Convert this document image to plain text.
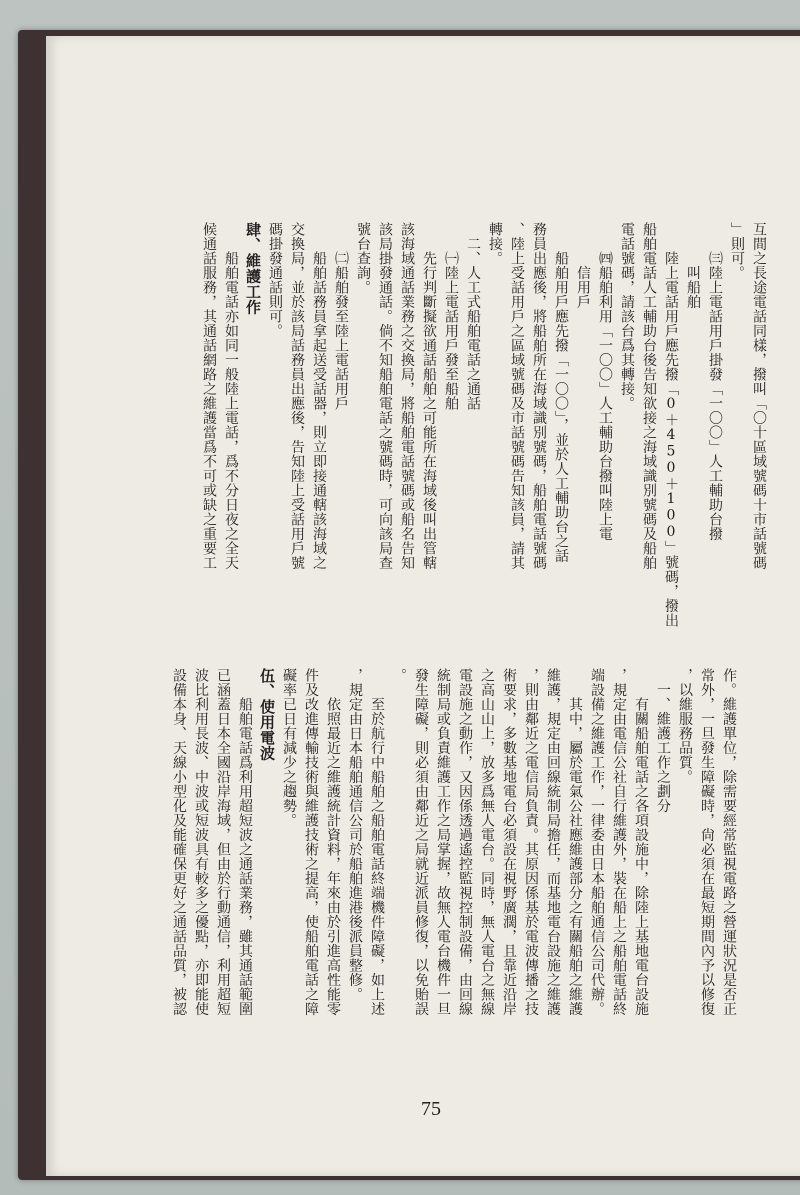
互間之長途電話同樣，撥叫「〇十區域號碼十市話號碼
」則可。
　　㈢陸上電話用戶掛發「一〇〇」人工輔助台撥
　　　叫船舶
　　陸上電話用戶應先撥「0＋450＋100」號碼，撥出
船舶電話人工輔助台後告知欲接之海域識別號碼及船舶
電話號碼，請該台爲其轉接。
　　㈣船舶利用「一〇〇」人工輔助台撥叫陸上電
　　　信用戶
　　船舶用戶應先撥「一〇〇」，並於人工輔助台之話
務員出應後，將船舶所在海域識別號碼，船舶電話號碼
、陸上受話用戶之區域號碼及市話號碼告知該員，請其
轉接。
　二、人工式船舶電話之通話
　　㈠陸上電話用戶發至船舶
　　先行判斷擬欲通話船舶之可能所在海域後叫出管轄
該海域通話業務之交換局，將船舶電話號碼或船名告知
該局掛發通話。倘不知船舶電話之號碼時，可向該局查
號台查詢。
　　㈡船舶發至陸上電話用戶
　　船舶話務員拿起送受話器，則立即接通轄該海域之
交換局，並於該局話務員出應後，告知陸上受話用戶號
碼掛發通話則可。
肆、維護工作
　　船舶電話亦如同一般陸上電話，爲不分日夜之全天
候通話服務，其通話網路之維護當爲不可或缺之重要工
作。維護單位，除需要經常監視電路之營運狀況是否正
常外，一旦發生障礙時，尙必須在最短期間內予以修復
，以維服務品質。
　一、維護工作之劃分
　　有關船舶電話之各項設施中，除陸上基地電台設施
，規定由電信公社自行維護外，裝在船上之船舶電話終
端設備之維護工作，一律委由日本船舶通信公司代辦。
　　其中，屬於電氣公社應維護部分之有關船舶之維護
維護，規定由回線統制局擔任，而基地電台設施之維護
，則由鄰近之電信局負責。其原因係基於電波傳播之技
術要求，多數基地電台必須設在視野廣濶，且靠近沿岸
之高山山上，放多爲無人電台。同時，無人電台之無線
電設施之動作，又因係透過遙控監視控制設備，由回線
統制局或負責維護工作之局掌握，故無人電台機件一旦
發生障礙，則必須由鄰近之局就近派員修復，以免貽誤
。
　　至於航行中船舶之船舶電話終端機件障礙，如上述
，規定由日本船舶通信公司於船舶進港後派員整修。
　　依照最近之維護統計資料，年來由於引進高性能零
件及改進傳輸技術與維護技術之提高，使船舶電話之障
礙率已日有減少之趨勢。
伍、使用電波
　　船舶電話爲利用超短波之通話業務，雖其通話範圍
已涵蓋日本全國沿岸海域，但由於行動通信，利用超短
波比利用長波、中波或短波具有較多之優點，亦即能使
設備本身、天線小型化及能確保更好之通話品質，被認
75
